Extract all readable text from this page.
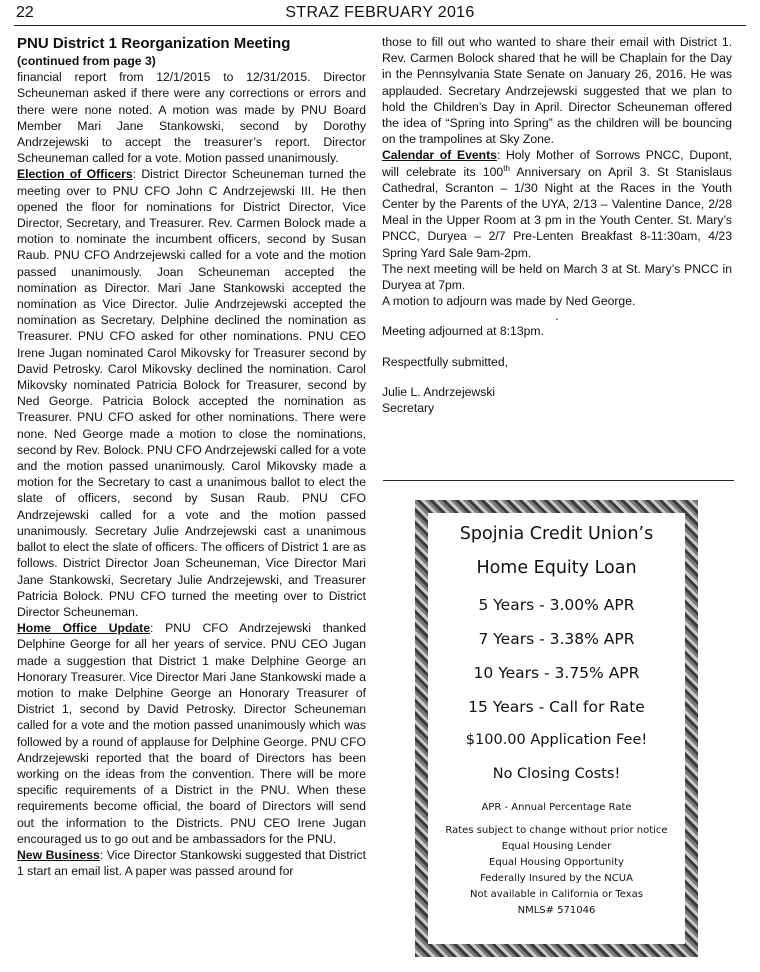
22	STRAZ FEBRUARY 2016

PNU District 1 Reorganization Meeting

(continued from page 3)

financial report from 12/1/2015 to 12/31/2015. Director Scheuneman asked if there were any corrections or errors and there were none noted. A motion was made by PNU Board Member Mari Jane Stankowski, second by Dorothy Andrzejewski to accept the treasurer’s report. Director Scheuneman called for a vote. Motion passed unanimously.

Election of Officers: District Director Scheuneman turned the meeting over to PNU CFO John C Andrzejewski III. He then opened the floor for nominations for District Director, Vice Director, Secretary, and Treasurer. Rev. Carmen Bolock made a motion to nominate the incumbent officers, second by Susan Raub. PNU CFO Andrzejewski called for a vote and the motion passed unanimously. Joan Scheuneman accepted the nomination as Director. Mari Jane Stankowski accepted the nomination as Vice Director. Julie Andrzejewski accepted the nomination as Secretary. Delphine declined the nomination as Treasurer. PNU CFO asked for other nominations. PNU CEO Irene Jugan nominated Carol Mikovsky for Treasurer second by David Petrosky. Carol Mikovsky declined the nomination. Carol Mikovsky nominated Patricia Bolock for Treasurer, second by Ned George. Patricia Bolock accepted the nomination as Treasurer. PNU CFO asked for other nominations. There were none. Ned George made a motion to close the nominations, second by Rev. Bolock. PNU CFO Andrzejewski called for a vote and the motion passed unanimously. Carol Mikovsky made a motion for the Secretary to cast a unanimous ballot to elect the slate of officers, second by Susan Raub. PNU CFO Andrzejewski called for a vote and the motion passed unanimously. Secretary Julie Andrzejewski cast a unanimous ballot to elect the slate of officers. The officers of District 1 are as follows. District Director Joan Scheuneman, Vice Director Mari Jane Stankowski, Secretary Julie Andrzejewski, and Treasurer Patricia Bolock. PNU CFO turned the meeting over to District Director Scheuneman.

Home Office Update: PNU CFO Andrzejewski thanked Delphine George for all her years of service. PNU CEO Jugan made a suggestion that District 1 make Delphine George an Honorary Treasurer. Vice Director Mari Jane Stankowski made a motion to make Delphine George an Honorary Treasurer of District 1, second by David Petrosky. Director Scheuneman called for a vote and the motion passed unanimously which was followed by a round of applause for Delphine George. PNU CFO Andrzejewski reported that the board of Directors has been working on the ideas from the convention. There will be more specific requirements of a District in the PNU. When these requirements become official, the board of Directors will send out the information to the Districts. PNU CEO Irene Jugan encouraged us to go out and be ambassadors for the PNU.

New Business: Vice Director Stankowski suggested that District 1 start an email list. A paper was passed around for

those to fill out who wanted to share their email with District 1. Rev. Carmen Bolock shared that he will be Chaplain for the Day in the Pennsylvania State Senate on January 26, 2016. He was applauded. Secretary Andrzejewski suggested that we plan to hold the Children’s Day in April. Director Scheuneman offered the idea of “Spring into Spring” as the children will be bouncing on the trampolines at Sky Zone.

Calendar of Events: Holy Mother of Sorrows PNCC, Dupont, will celebrate its 100th Anniversary on April 3. St Stanislaus Cathedral, Scranton – 1/30 Night at the Races in the Youth Center by the Parents of the UYA, 2/13 – Valentine Dance, 2/28 Meal in the Upper Room at 3 pm in the Youth Center. St. Mary’s PNCC, Duryea – 2/7 Pre-Lenten Breakfast 8-11:30am, 4/23 Spring Yard Sale 9am-2pm.

The next meeting will be held on March 3 at St. Mary’s PNCC in Duryea at 7pm.

A motion to adjourn was made by Ned George.

.

Meeting adjourned at 8:13pm.

Respectfully submitted,

Julie L. Andrzejewski

Secretary

Spojnia Credit Union’s
Home Equity Loan
5 Years - 3.00% APR
7 Years - 3.38% APR
10 Years - 3.75% APR
15 Years - Call for Rate
$100.00 Application Fee!
No Closing Costs!
APR - Annual Percentage Rate
Rates subject to change without prior notice
Equal Housing Lender
Equal Housing Opportunity
Federally Insured by the NCUA
Not available in California or Texas
NMLS# 571046
